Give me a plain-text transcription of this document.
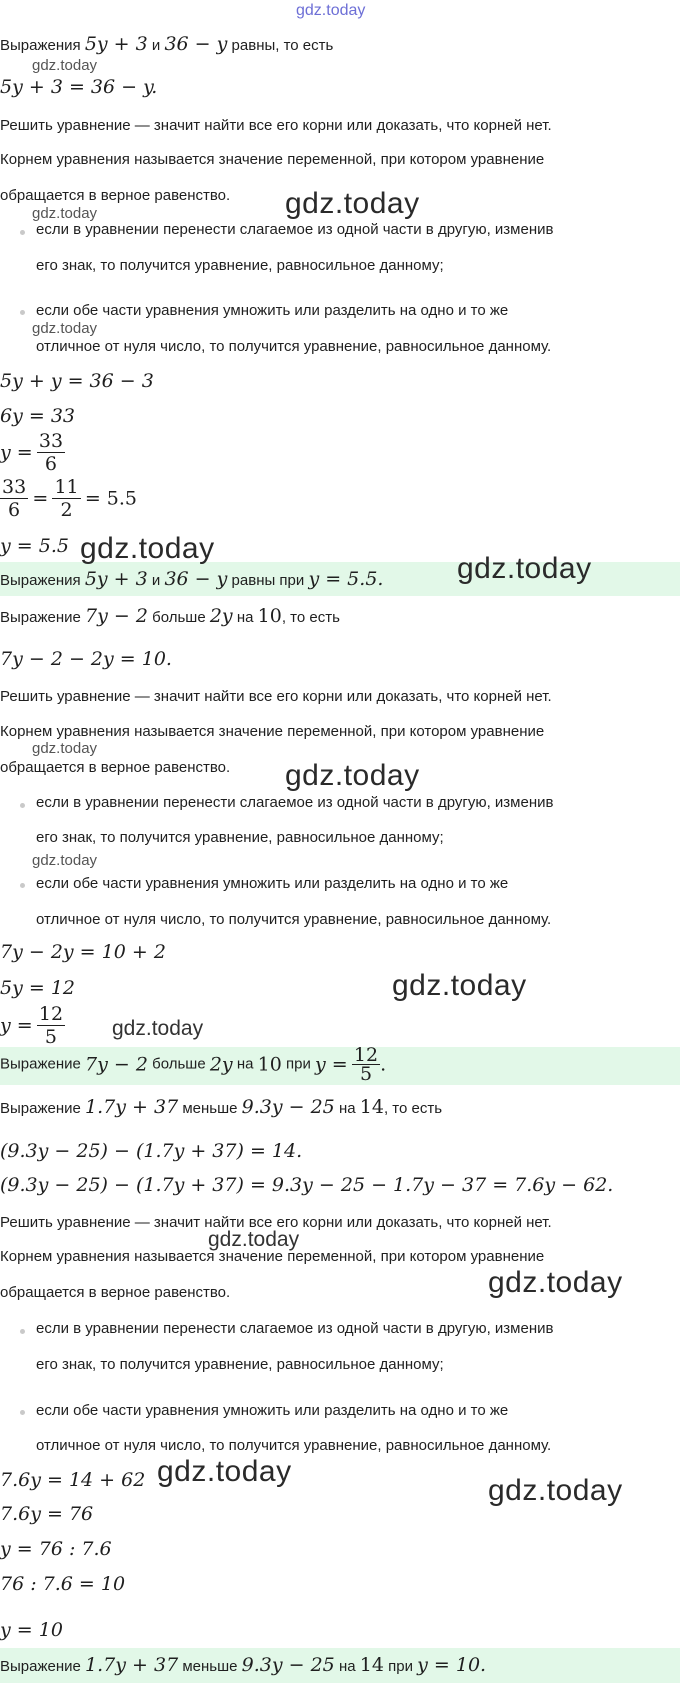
gdz.today
Выражения 5y + 3 и 36 − y равны, то есть
gdz.today
5y + 3 = 36 − y.
Решить уравнение — значит найти все его корни или доказать, что корней нет.
Корнем уравнения называется значение переменной, при котором уравнение
обращается в верное равенство. gdz.today
gdz.today
если в уравнении перенести слагаемое из одной части в другую, изменив
его знак, то получится уравнение, равносильное данному;
если обе части уравнения умножить или разделить на одно и то же
gdz.today
отличное от нуля число, то получится уравнение, равносильное данному.
5y + y = 36 − 3
6y = 33
$y = \frac{33}{6}$
$\frac{33}{6} = \frac{11}{2} = 5.5$
y = 5.5 gdz.today
Выражения 5y + 3 и 36 − y равны при y = 5.5. gdz.today
Выражение 7y − 2 больше 2y на 10, то есть
7y − 2 − 2y = 10.
Решить уравнение — значит найти все его корни или доказать, что корней нет.
Корнем уравнения называется значение переменной, при котором уравнение
gdz.today
обращается в верное равенство. gdz.today
если в уравнении перенести слагаемое из одной части в другую, изменив
его знак, то получится уравнение, равносильное данному;
gdz.today
если обе части уравнения умножить или разделить на одно и то же
отличное от нуля число, то получится уравнение, равносильное данному.
7y − 2y = 10 + 2
5y = 12	gdz.today
$y = \frac{12}{5}$ gdz.today
Выражение 7y − 2 больше 2y на 10 при $y = \frac{12}{5}$ .
Выражение 1.7y + 37 меньше 9.3y − 25 на 14, то есть
(9.3y − 25) − (1.7y + 37) = 14.
(9.3y − 25) − (1.7y + 37) = 9.3y − 25 − 1.7y − 37 = 7.6y − 62.
Решить уравнение — значит найти все его корни или доказать, что корней нет.
Корнем уравнения называется значение переменной, при котором уравнение
gdz.today
обращается в верное равенство.	gdz.today
если в уравнении перенести слагаемое из одной части в другую, изменив
его знак, то получится уравнение, равносильное данному;
если обе части уравнения умножить или разделить на одно и то же
отличное от нуля число, то получится уравнение, равносильное данному.
7.6y = 14 + 62 gdz.today
gdz.today
7.6y = 76
y = 76 : 7.6
76 : 7.6 = 10
y = 10
Выражение 1.7y + 37 меньше 9.3y − 25 на 14 при y = 10.
